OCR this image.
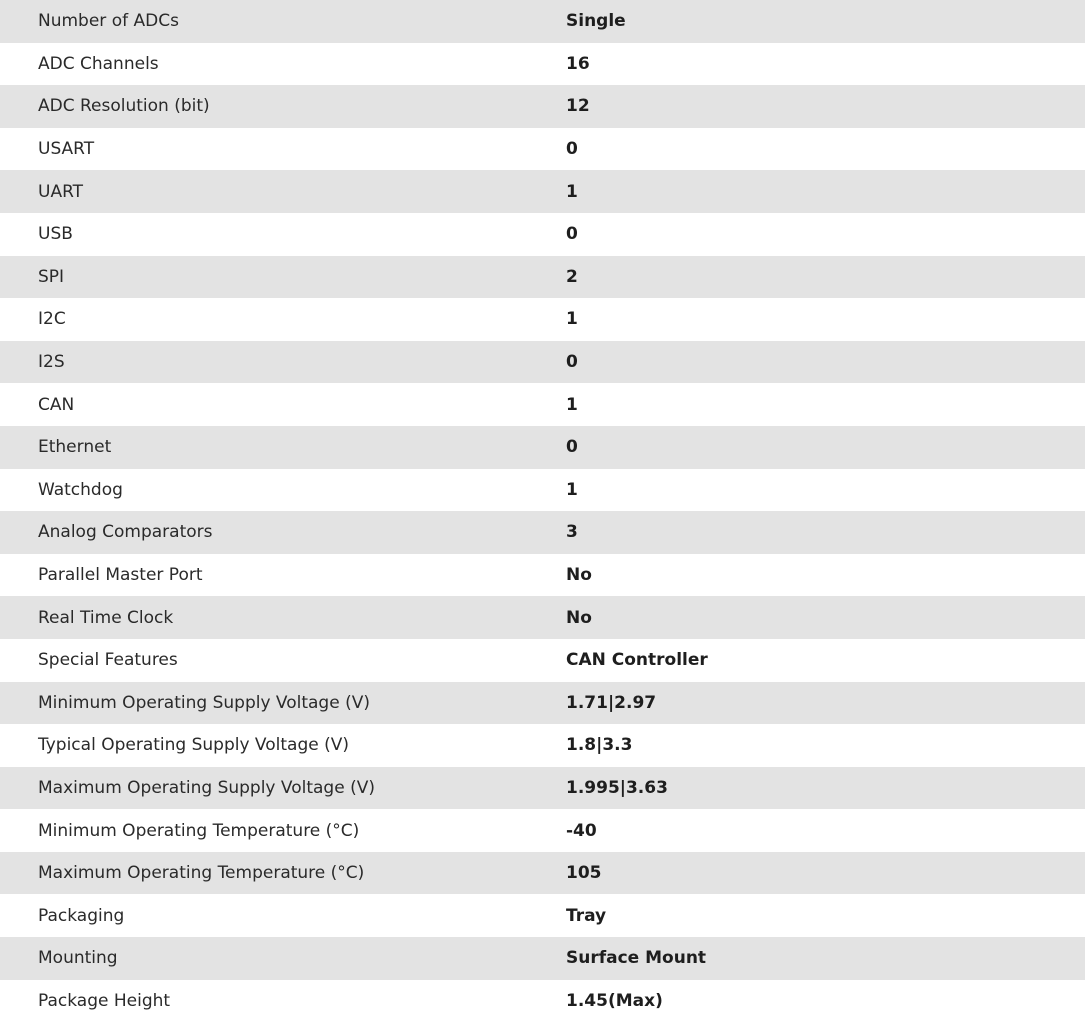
Number of ADCs	Single
ADC Channels	16
ADC Resolution (bit)	12
USART	0
UART	1
USB	0
SPI	2
I2C	1
I2S	0
CAN	1
Ethernet	0
Watchdog	1
Analog Comparators	3
Parallel Master Port	No
Real Time Clock	No
Special Features	CAN Controller
Minimum Operating Supply Voltage (V)	1.71|2.97
Typical Operating Supply Voltage (V)	1.8|3.3
Maximum Operating Supply Voltage (V)	1.995|3.63
Minimum Operating Temperature (°C)	-40
Maximum Operating Temperature (°C)	105
Packaging	Tray
Mounting	Surface Mount
Package Height	1.45(Max)
